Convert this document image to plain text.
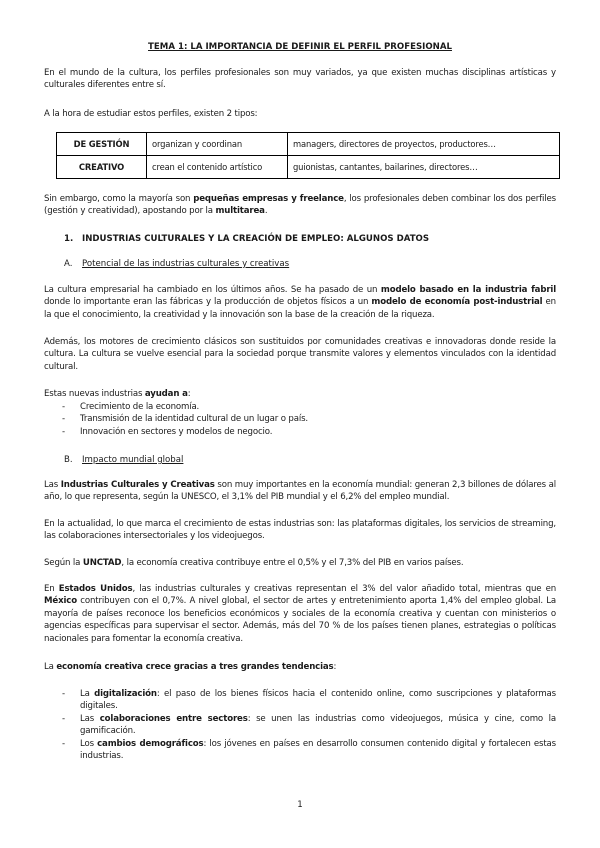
TEMA 1: LA IMPORTANCIA DE DEFINIR EL PERFIL PROFESIONAL
En el mundo de la cultura, los perfiles profesionales son muy variados, ya que existen muchas disciplinas artísticas y culturales diferentes entre sí.
A la hora de estudiar estos perfiles, existen 2 tipos:
DE GESTIÓN	organizan y coordinan	managers, directores de proyectos, productores…
CREATIVO	crean el contenido artístico	guionistas, cantantes, bailarines, directores…
Sin embargo, como la mayoría son pequeñas empresas y freelance, los profesionales deben combinar los dos perfiles (gestión y creatividad), apostando por la multitarea.
1. INDUSTRIAS CULTURALES Y LA CREACIÓN DE EMPLEO: ALGUNOS DATOS
A. Potencial de las industrias culturales y creativas
La cultura empresarial ha cambiado en los últimos años. Se ha pasado de un modelo basado en la industria fabril donde lo importante eran las fábricas y la producción de objetos físicos a un modelo de economía post-industrial en la que el conocimiento, la creatividad y la innovación son la base de la creación de la riqueza.
Además, los motores de crecimiento clásicos son sustituidos por comunidades creativas e innovadoras donde reside la cultura. La cultura se vuelve esencial para la sociedad porque transmite valores y elementos vinculados con la identidad cultural.
Estas nuevas industrias ayudan a:
- Crecimiento de la economía.
- Transmisión de la identidad cultural de un lugar o país.
- Innovación en sectores y modelos de negocio.
B. Impacto mundial global
Las Industrias Culturales y Creativas son muy importantes en la economía mundial: generan 2,3 billones de dólares al año, lo que representa, según la UNESCO, el 3,1% del PIB mundial y el 6,2% del empleo mundial.
En la actualidad, lo que marca el crecimiento de estas industrias son: las plataformas digitales, los servicios de streaming, las colaboraciones intersectoriales y los videojuegos.
Según la UNCTAD, la economía creativa contribuye entre el 0,5% y el 7,3% del PIB en varios países.
En Estados Unidos, las industrias culturales y creativas representan el 3% del valor añadido total, mientras que en México contribuyen con el 0,7%. A nivel global, el sector de artes y entretenimiento aporta 1,4% del empleo global. La mayoría de países reconoce los beneficios económicos y sociales de la economía creativa y cuentan con ministerios o agencias específicas para supervisar el sector. Además, más del 70 % de los países tienen planes, estrategias o políticas nacionales para fomentar la economía creativa.
La economía creativa crece gracias a tres grandes tendencias:
- La digitalización: el paso de los bienes físicos hacia el contenido online, como suscripciones y plataformas digitales.
- Las colaboraciones entre sectores: se unen las industrias como videojuegos, música y cine, como la gamificación.
- Los cambios demográficos: los jóvenes en países en desarrollo consumen contenido digital y fortalecen estas industrias.
1
